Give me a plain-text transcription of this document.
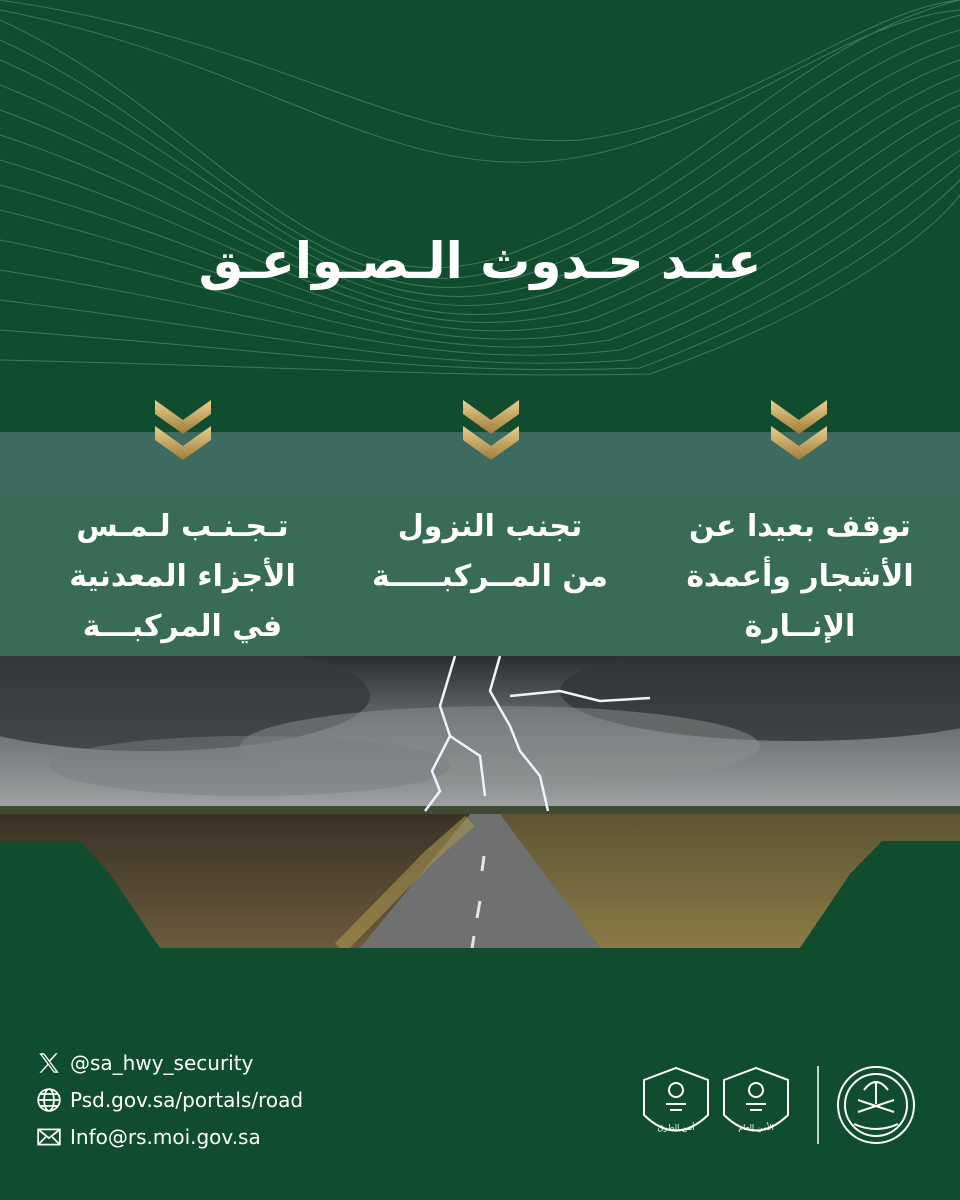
عنـد حـدوث الـصـواعـق
توقف بعيدا عن الأشجار وأعمدة الإنــارة
تجنب النزول من المــركبـــــة
تـجـنـب لـمـس الأجزاء المعدنية في المركبـــة
@sa_hwy_security
Psd.gov.sa/portals/road
Info@rs.moi.gov.sa	أمن الطرق	الأمن العام
